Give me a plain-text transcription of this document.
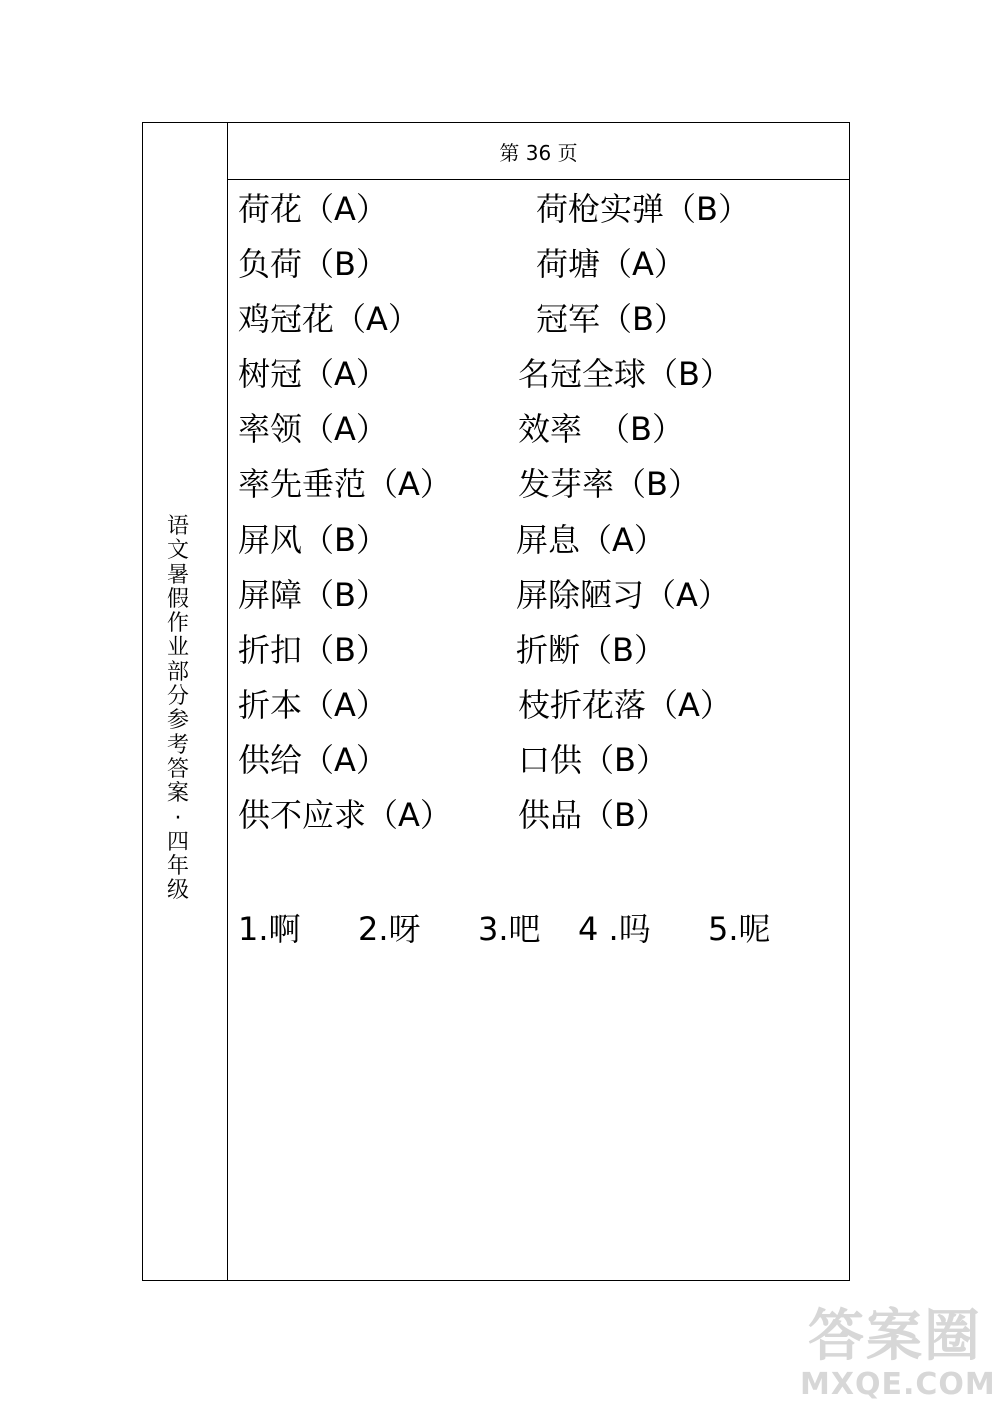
语文暑假作业部分参考答案·四年级
第 36 页
荷花（A）	荷枪实弹（B）
负荷（B）	荷塘（A）
鸡冠花（A）	冠军（B）
树冠（A）	名冠全球（B）
率领（A）	效率　（B）
率先垂范（A） 发芽率（B）
屏风（B）	屏息（A）
屏障（B）	屏除陋习（A）
折扣（B）	折断（B）
折本（A）	枝折花落（A）
供给（A）	口供（B）
供不应求（A） 供品（B）
1.啊 2.呀 3.吧 4 .吗 5.呢
答案圈
MXQE.COM
